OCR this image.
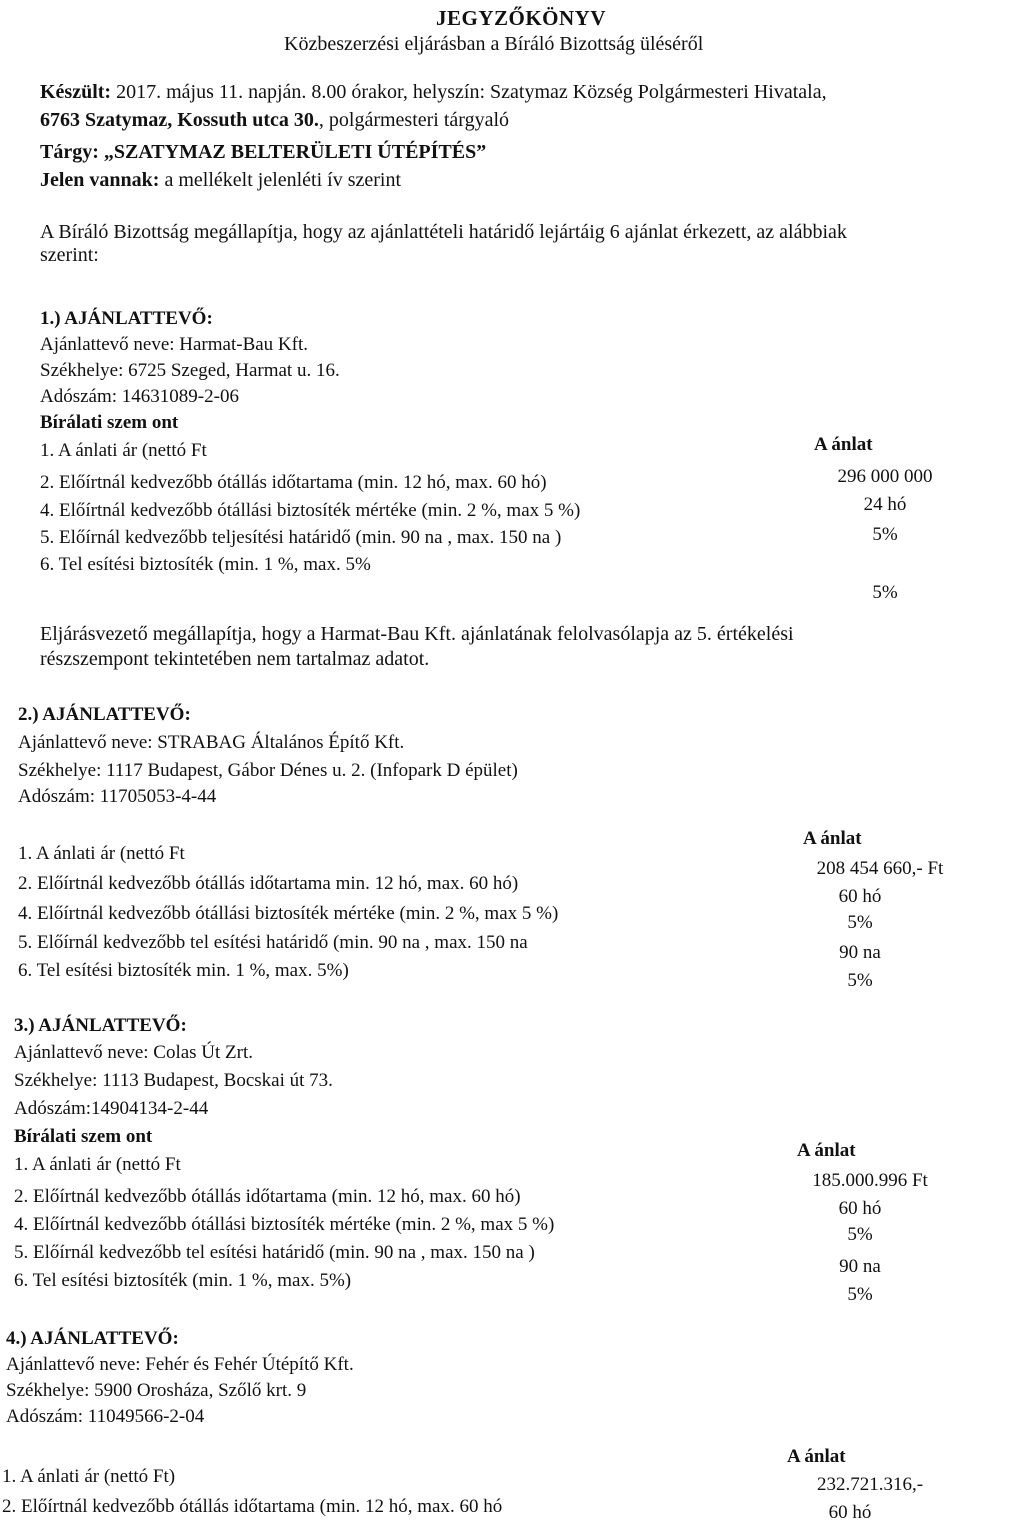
JEGYZŐKÖNYV
Közbeszerzési eljárásban a Bíráló Bizottság üléséről
Készült: 2017. május 11. napján. 8.00 órakor, helyszín: Szatymaz Község Polgármesteri Hivatala,
6763 Szatymaz, Kossuth utca 30., polgármesteri tárgyaló
Tárgy: „SZATYMAZ BELTERÜLETI ÚTÉPÍTÉS”
Jelen vannak: a mellékelt jelenléti ív szerint
A Bíráló Bizottság megállapítja, hogy az ajánlattételi határidő lejártáig 6 ajánlat érkezett, az alábbiak
szerint:
1.) AJÁNLATTEVŐ:
Ajánlattevő neve: Harmat-Bau Kft.
Székhelye: 6725 Szeged, Harmat u. 16.
Adószám: 14631089-2-06
Bírálati szem ont
A ánlat
1. A ánlati ár (nettó Ft
2. Előírtnál kedvezőbb ótállás időtartama (min. 12 hó, max. 60 hó)
4. Előírtnál kedvezőbb ótállási biztosíték mértéke (min. 2 %, max 5 %)
5. Előírnál kedvezőbb teljesítési határidő (min. 90 na , max. 150 na )
6. Tel esítési biztosíték (min. 1 %, max. 5%
296 000 000
24 hó
5%
5%
Eljárásvezető megállapítja, hogy a Harmat-Bau Kft. ajánlatának felolvasólapja az 5. értékelési
részszempont tekintetében nem tartalmaz adatot.
2.) AJÁNLATTEVŐ:
Ajánlattevő neve: STRABAG Általános Építő Kft.
Székhelye: 1117 Budapest, Gábor Dénes u. 2. (Infopark D épület)
Adószám: 11705053-4-44
A ánlat
1. A ánlati ár (nettó Ft
2. Előírtnál kedvezőbb ótállás időtartama min. 12 hó, max. 60 hó)
4. Előírtnál kedvezőbb ótállási biztosíték mértéke (min. 2 %, max 5 %)
5. Előírnál kedvezőbb tel esítési határidő (min. 90 na , max. 150 na
6. Tel esítési biztosíték min. 1 %, max. 5%)
208 454 660,- Ft
60 hó
5%
90 na
5%
3.) AJÁNLATTEVŐ:
Ajánlattevő neve: Colas Út Zrt.
Székhelye: 1113 Budapest, Bocskai út 73.
Adószám:14904134-2-44
Bírálati szem ont
A ánlat
1. A ánlati ár (nettó Ft
2. Előírtnál kedvezőbb ótállás időtartama (min. 12 hó, max. 60 hó)
4. Előírtnál kedvezőbb ótállási biztosíték mértéke (min. 2 %, max 5 %)
5. Előírnál kedvezőbb tel esítési határidő (min. 90 na , max. 150 na )
6. Tel esítési biztosíték (min. 1 %, max. 5%)
185.000.996 Ft
60 hó
5%
90 na
5%
4.) AJÁNLATTEVŐ:
Ajánlattevő neve: Fehér és Fehér Útépítő Kft.
Székhelye: 5900 Orosháza, Szőlő krt. 9
Adószám: 11049566-2-04
A ánlat
1. A ánlati ár (nettó Ft)
2. Előírtnál kedvezőbb ótállás időtartama (min. 12 hó, max. 60 hó
232.721.316,-
60 hó
